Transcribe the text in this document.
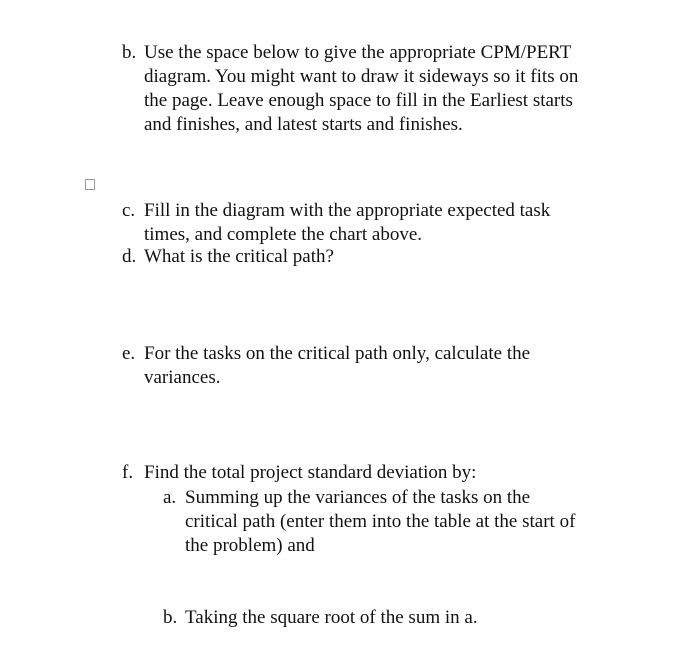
b. Use the space below to give the appropriate CPM/PERT
diagram. You might want to draw it sideways so it fits on
the page. Leave enough space to fill in the Earliest starts
and finishes, and latest starts and finishes.
c. Fill in the diagram with the appropriate expected task
times, and complete the chart above.
d. What is the critical path?
e. For the tasks on the critical path only, calculate the
variances.
f. Find the total project standard deviation by:
a. Summing up the variances of the tasks on the
critical path (enter them into the table at the start of
the problem) and
b. Taking the square root of the sum in a.
